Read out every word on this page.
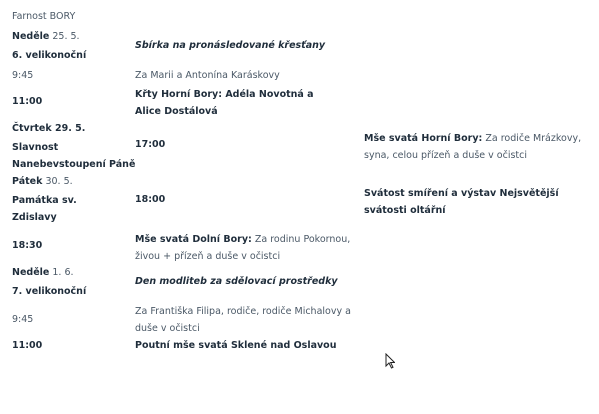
Farnost BORY
Neděle 25. 5.
6. velikonoční
Sbírka na pronásledované křesťany
9:45	Za Marii a Antonína Karáskovy
11:00
Křty Horní Bory: Adéla Novotná a Alice Dostálová
Čtvrtek 29. 5.
Slavnost Nanebevstoupení Páně
17:00
Mše svatá Horní Bory: Za rodiče Mrázkovy, syna, celou přízeň a duše v očistci
Pátek 30. 5.
Památka sv. Zdislavy
18:00
Svátost smíření a výstav Nejsvětější svátosti oltářní
18:30
Mše svatá Dolní Bory: Za rodinu Pokornou, živou + přízeň a duše v očistci
Neděle 1. 6.
7. velikonoční
Den modliteb za sdělovací prostředky
9:45
Za Františka Filipa, rodiče, rodiče Michalovy a duše v očistci
11:00	Poutní mše svatá Sklené nad Oslavou
